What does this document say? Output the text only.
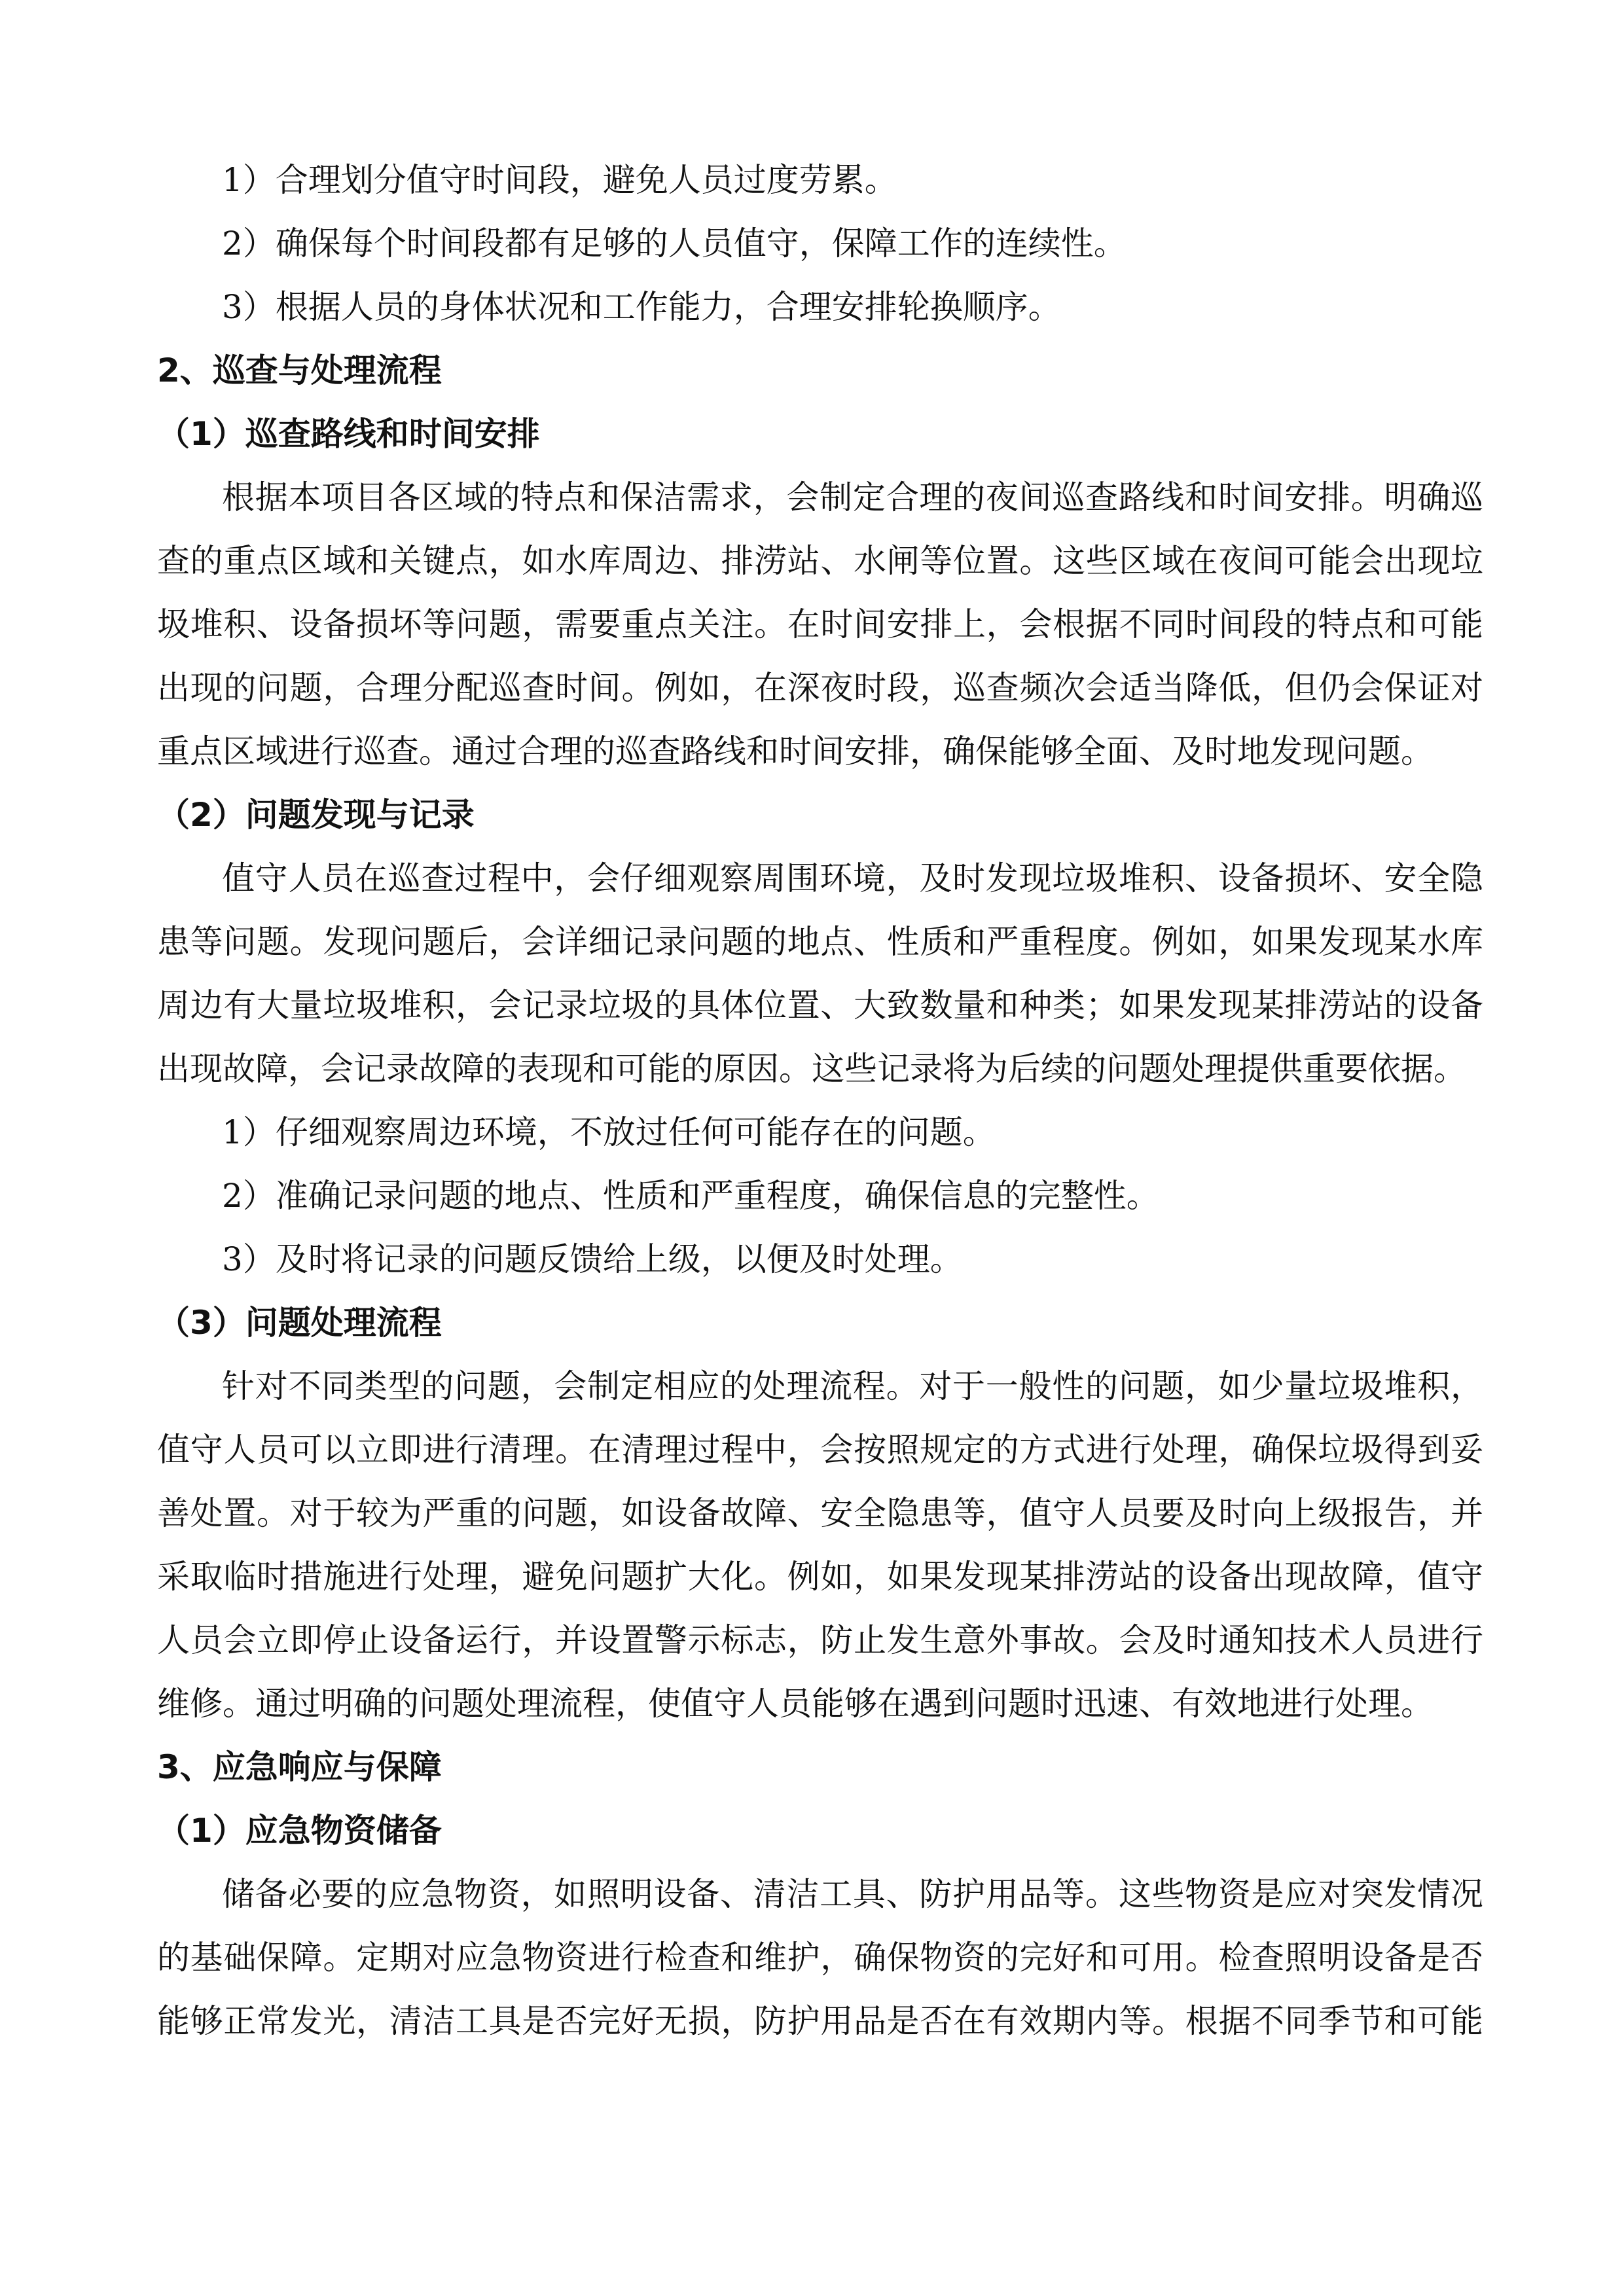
1）合理划分值守时间段，避免人员过度劳累。
2）确保每个时间段都有足够的人员值守，保障工作的连续性。
3）根据人员的身体状况和工作能力，合理安排轮换顺序。
2、巡查与处理流程
（1）巡查路线和时间安排
根据本项目各区域的特点和保洁需求，会制定合理的夜间巡查路线和时间安排。明确巡
查的重点区域和关键点，如水库周边、排涝站、水闸等位置。这些区域在夜间可能会出现垃
圾堆积、设备损坏等问题，需要重点关注。在时间安排上，会根据不同时间段的特点和可能
出现的问题，合理分配巡查时间。例如，在深夜时段，巡查频次会适当降低，但仍会保证对
重点区域进行巡查。通过合理的巡查路线和时间安排，确保能够全面、及时地发现问题。
（2）问题发现与记录
值守人员在巡查过程中，会仔细观察周围环境，及时发现垃圾堆积、设备损坏、安全隐
患等问题。发现问题后，会详细记录问题的地点、性质和严重程度。例如，如果发现某水库
周边有大量垃圾堆积，会记录垃圾的具体位置、大致数量和种类；如果发现某排涝站的设备
出现故障，会记录故障的表现和可能的原因。这些记录将为后续的问题处理提供重要依据。
1）仔细观察周边环境，不放过任何可能存在的问题。
2）准确记录问题的地点、性质和严重程度，确保信息的完整性。
3）及时将记录的问题反馈给上级，以便及时处理。
（3）问题处理流程
针对不同类型的问题，会制定相应的处理流程。对于一般性的问题，如少量垃圾堆积，
值守人员可以立即进行清理。在清理过程中，会按照规定的方式进行处理，确保垃圾得到妥
善处置。对于较为严重的问题，如设备故障、安全隐患等，值守人员要及时向上级报告，并
采取临时措施进行处理，避免问题扩大化。例如，如果发现某排涝站的设备出现故障，值守
人员会立即停止设备运行，并设置警示标志，防止发生意外事故。会及时通知技术人员进行
维修。通过明确的问题处理流程，使值守人员能够在遇到问题时迅速、有效地进行处理。
3、应急响应与保障
（1）应急物资储备
储备必要的应急物资，如照明设备、清洁工具、防护用品等。这些物资是应对突发情况
的基础保障。定期对应急物资进行检查和维护，确保物资的完好和可用。检查照明设备是否
能够正常发光，清洁工具是否完好无损，防护用品是否在有效期内等。根据不同季节和可能
